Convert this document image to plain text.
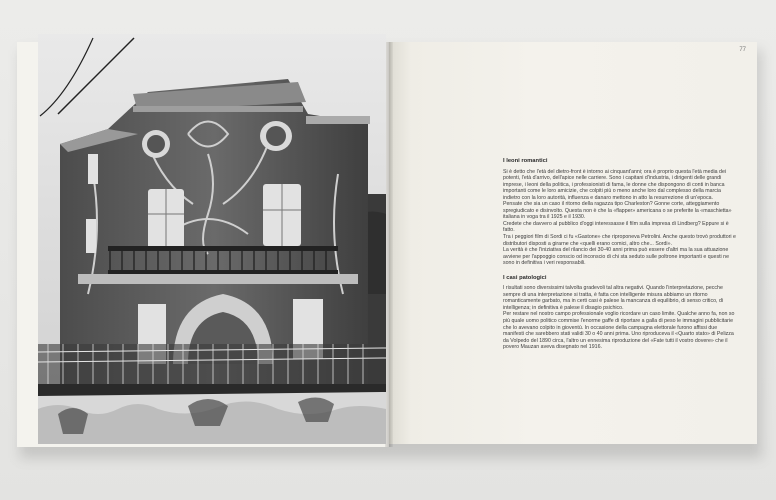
77
I leoni romantici

Si è detto che l'età del dietro-front è intorno ai cinquant'anni; ora è proprio questa l'età media dei potenti, l'età d'arrivo, dell'apice nelle carriere. Sono i capitani d'industria, i dirigenti delle grandi imprese, i leoni della politica, i professionisti di fama, le donne che dispongono di conti in banca importanti come le loro amicizie, che colpiti più o meno anche loro dal complesso della marcia indietro con la loro autorità, influenza e danaro mettono in atto la resurrezione di un'epoca.

Pensate che sia un caso il ritorno della ragazza tipo Charleston? Gonne corte, atteggiamento spregiudicato e disinvolto. Questa non è che la «flapper» americana o se preferite la «maschietta» italiana in voga tra il 1925 e il 1930.

Credete che davvero al pubblico d'oggi interessasse il film sulla impresa di Lindberg? Eppure si è fatto.

Tra i peggiori film di Sordi ci fu «Gastone» che riproponeva Petrolini. Anche questo trovò produttori e distributori disposti a girarne che «quelli erano comici, altro che... Sordi».

La verità è che l'iniziativa del rilancio dei 30-40 anni prima può essere d'altri ma la sua attuazione avviene per l'appoggio conscio od inconscio di chi sta seduto sulle poltrone importanti e questi ne sono in definitiva i veri responsabili.

I casi patologici

I risultati sono diversissimi talvolta gradevoli tal altra negativi. Quando l'interpretazione, pecche sempre di una interpretazione si tratta, è fatta con intelligente misura abbiamo un ritorno romanticamente garbato, ma in certi casi è palese la mancanza di equilibrio, di senso critico, di intelligenza; in definitiva è palese il disagio psichico.

Per restare nel nostro campo professionale voglio ricordare un caso limite. Qualche anno fa, non so più quale uomo politico commise l'enorme gaffe di riportare a galla di peso le immagini pubblicitarie che lo avevano colpito in gioventù. In occasione della campagna elettorale furono affissi due manifesti che sarebbero stati validi 30 o 40 anni prima. Uno riproduceva il «Quarto stato» di Pelizza da Volpedo del 1890 circa, l'altro un ennesima riproduzione del «Fate tutti il vostro dovere» che il povero Mauzan aveva disegnato nel 1916.
